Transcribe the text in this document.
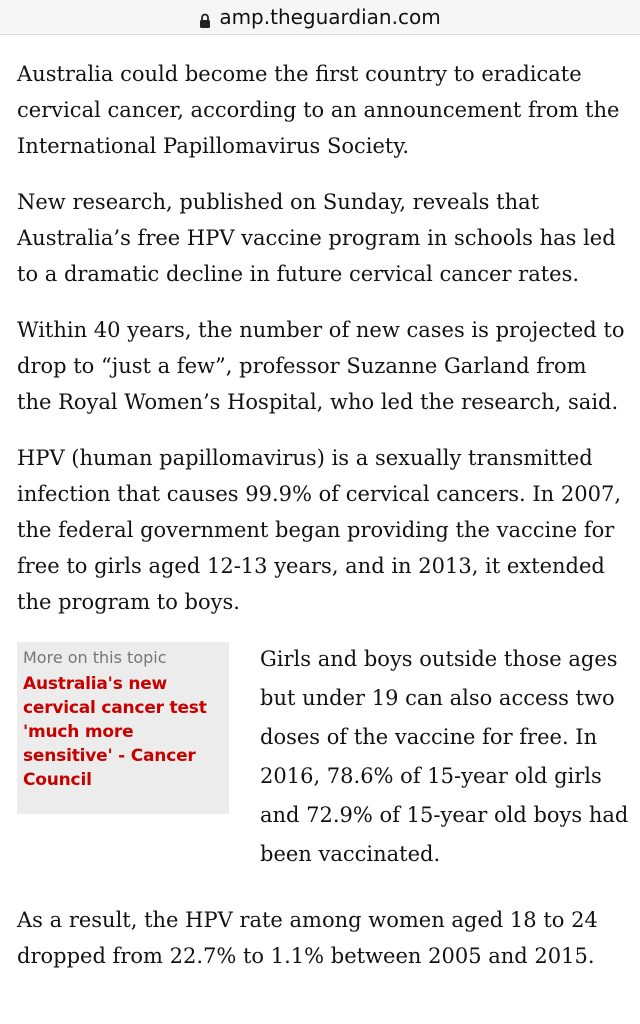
amp.theguardian.com

Australia could become the first country to eradicate cervical cancer, according to an announcement from the International Papillomavirus Society.

New research, published on Sunday, reveals that Australia’s free HPV vaccine program in schools has led to a dramatic decline in future cervical cancer rates.

Within 40 years, the number of new cases is projected to drop to “just a few”, professor Suzanne Garland from the Royal Women’s Hospital, who led the research, said.

HPV (human papillomavirus) is a sexually transmitted infection that causes 99.9% of cervical cancers. In 2007, the federal government began providing the vaccine for free to girls aged 12-13 years, and in 2013, it extended the program to boys.

More on this topic
Australia's new cervical cancer test 'much more sensitive' - Cancer Council
Girls and boys outside those ages but under 19 can also access two doses of the vaccine for free. In 2016, 78.6% of 15-year old girls and 72.9% of 15-year old boys had been vaccinated.

As a result, the HPV rate among women aged 18 to 24 dropped from 22.7% to 1.1% between 2005 and 2015.
